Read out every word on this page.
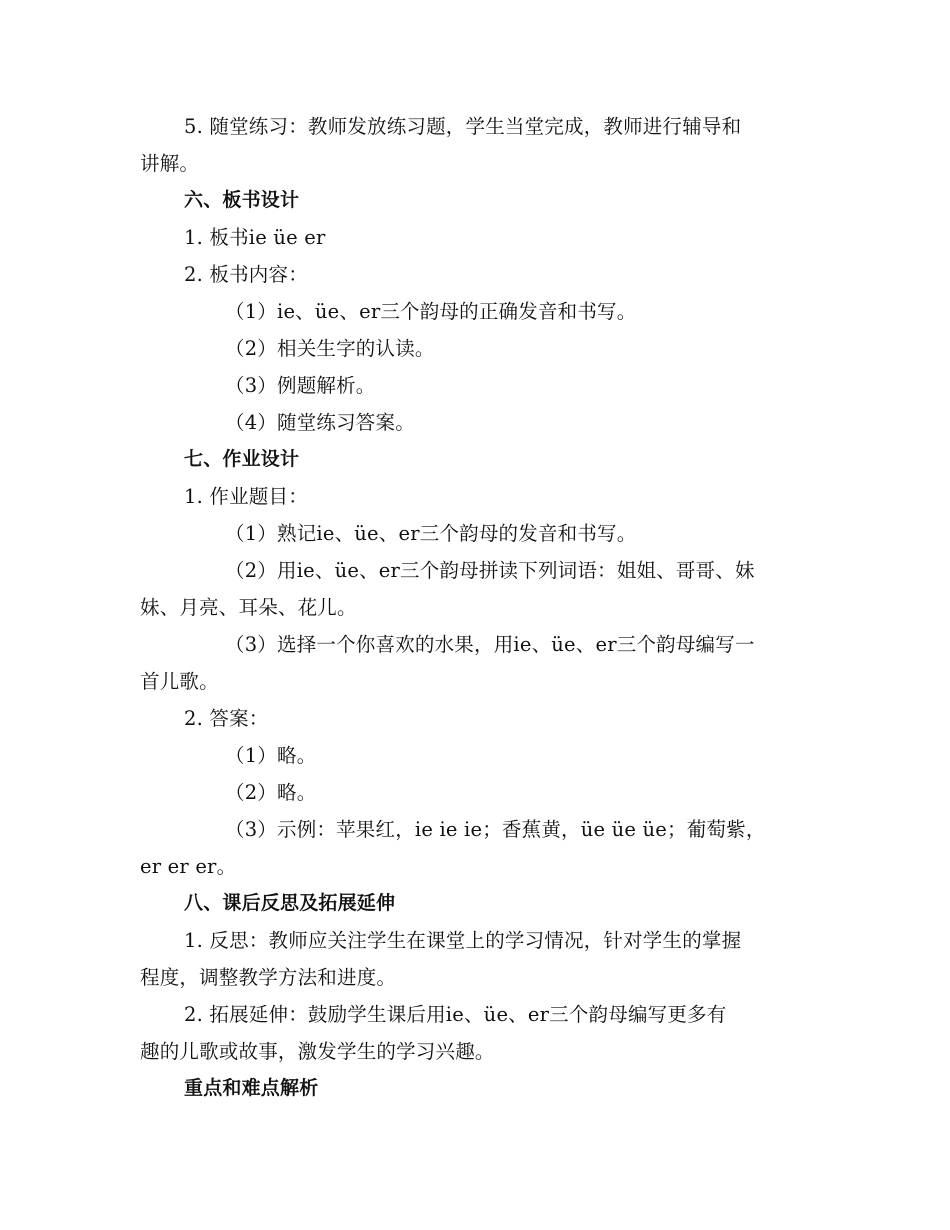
5. 随堂练习：教师发放练习题，学生当堂完成，教师进行辅导和
讲解。
六、板书设计
1. 板书ie üe er
2. 板书内容：
（1）ie、üe、er三个韵母的正确发音和书写。
（2）相关生字的认读。
（3）例题解析。
（4）随堂练习答案。
七、作业设计
1. 作业题目：
（1）熟记ie、üe、er三个韵母的发音和书写。
（2）用ie、üe、er三个韵母拼读下列词语：姐姐、哥哥、妹
妹、月亮、耳朵、花儿。
（3）选择一个你喜欢的水果，用ie、üe、er三个韵母编写一
首儿歌。
2. 答案：
（1）略。
（2）略。
（3）示例：苹果红，ie ie ie；香蕉黄，üe üe üe；葡萄紫，
er er er。
八、课后反思及拓展延伸
1. 反思：教师应关注学生在课堂上的学习情况，针对学生的掌握
程度，调整教学方法和进度。
2. 拓展延伸：鼓励学生课后用ie、üe、er三个韵母编写更多有
趣的儿歌或故事，激发学生的学习兴趣。
重点和难点解析
